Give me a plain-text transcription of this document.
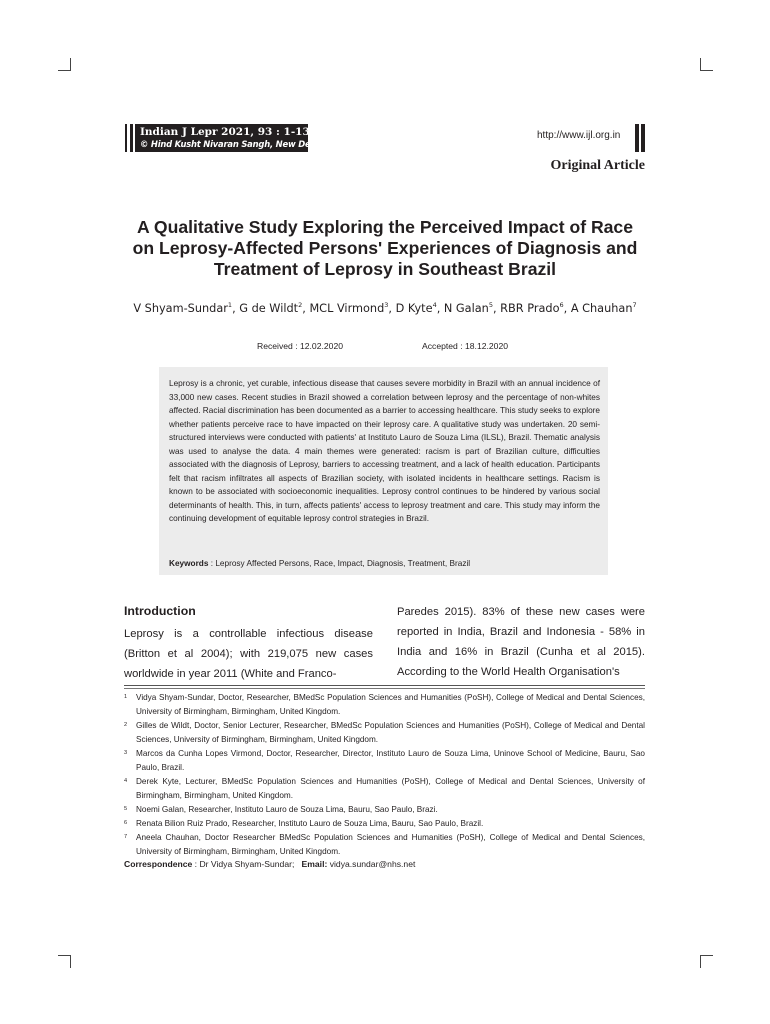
Indian J Lepr 2021, 93 : 1-13
© Hind Kusht Nivaran Sangh, New Delhi
http://www.ijl.org.in
Original Article
A Qualitative Study Exploring the Perceived Impact of Race
on Leprosy-Affected Persons' Experiences of Diagnosis and
Treatment of Leprosy in Southeast Brazil
V Shyam-Sundar$^1$, G de Wildt$^2$, MCL Virmond$^3$, D Kyte$^4$, N Galan$^5$, RBR Prado$^6$, A Chauhan$^7$
Received : 12.02.2020	Accepted : 18.12.2020
Leprosy is a chronic, yet curable, infectious disease that causes severe morbidity in Brazil with an annual incidence of 33,000 new cases. Recent studies in Brazil showed a correlation between leprosy and the percentage of non-whites affected. Racial discrimination has been documented as a barrier to accessing healthcare. This study seeks to explore whether patients perceive race to have impacted on their leprosy care. A qualitative study was undertaken. 20 semi-structured interviews were conducted with patients' at Instituto Lauro de Souza Lima (ILSL), Brazil. Thematic analysis was used to analyse the data. 4 main themes were generated: racism is part of Brazilian culture, difficulties associated with the diagnosis of Leprosy, barriers to accessing treatment, and a lack of health education. Participants felt that racism infiltrates all aspects of Brazilian society, with isolated incidents in healthcare settings. Racism is known to be associated with socioeconomic inequalities. Leprosy control continues to be hindered by various social determinants of health. This, in turn, affects patients' access to leprosy treatment and care. This study may inform the continuing development of equitable leprosy control strategies in Brazil.
Keywords : Leprosy Affected Persons, Race, Impact, Diagnosis, Treatment, Brazil
Introduction
Leprosy is a controllable infectious disease (Britton et al 2004); with 219,075 new cases worldwide in year 2011 (White and Franco-
Paredes 2015). 83% of these new cases were reported in India, Brazil and Indonesia - 58% in India and 16% in Brazil (Cunha et al 2015). According to the World Health Organisation's
1 Vidya Shyam-Sundar, Doctor, Researcher, BMedSc Population Sciences and Humanities (PoSH), College of Medical and Dental Sciences, University of Birmingham, Birmingham, United Kingdom.
2 Gilles de Wildt, Doctor, Senior Lecturer, Researcher, BMedSc Population Sciences and Humanities (PoSH), College of Medical and Dental Sciences, University of Birmingham, Birmingham, United Kingdom.
3 Marcos da Cunha Lopes Virmond, Doctor, Researcher, Director, Instituto Lauro de Souza Lima, Uninove School of Medicine, Bauru, Sao Paulo, Brazil.
4 Derek Kyte, Lecturer, BMedSc Population Sciences and Humanities (PoSH), College of Medical and Dental Sciences, University of Birmingham, Birmingham, United Kingdom.
5 Noemi Galan, Researcher, Instituto Lauro de Souza Lima, Bauru, Sao Paulo, Brazi.
6 Renata Bilion Ruiz Prado, Researcher, Instituto Lauro de Souza Lima, Bauru, Sao Paulo, Brazil.
7 Aneela Chauhan, Doctor Researcher BMedSc Population Sciences and Humanities (PoSH), College of Medical and Dental Sciences, University of Birmingham, Birmingham, United Kingdom.
Correspondence : Dr Vidya Shyam-Sundar; Email: vidya.sundar@nhs.net
